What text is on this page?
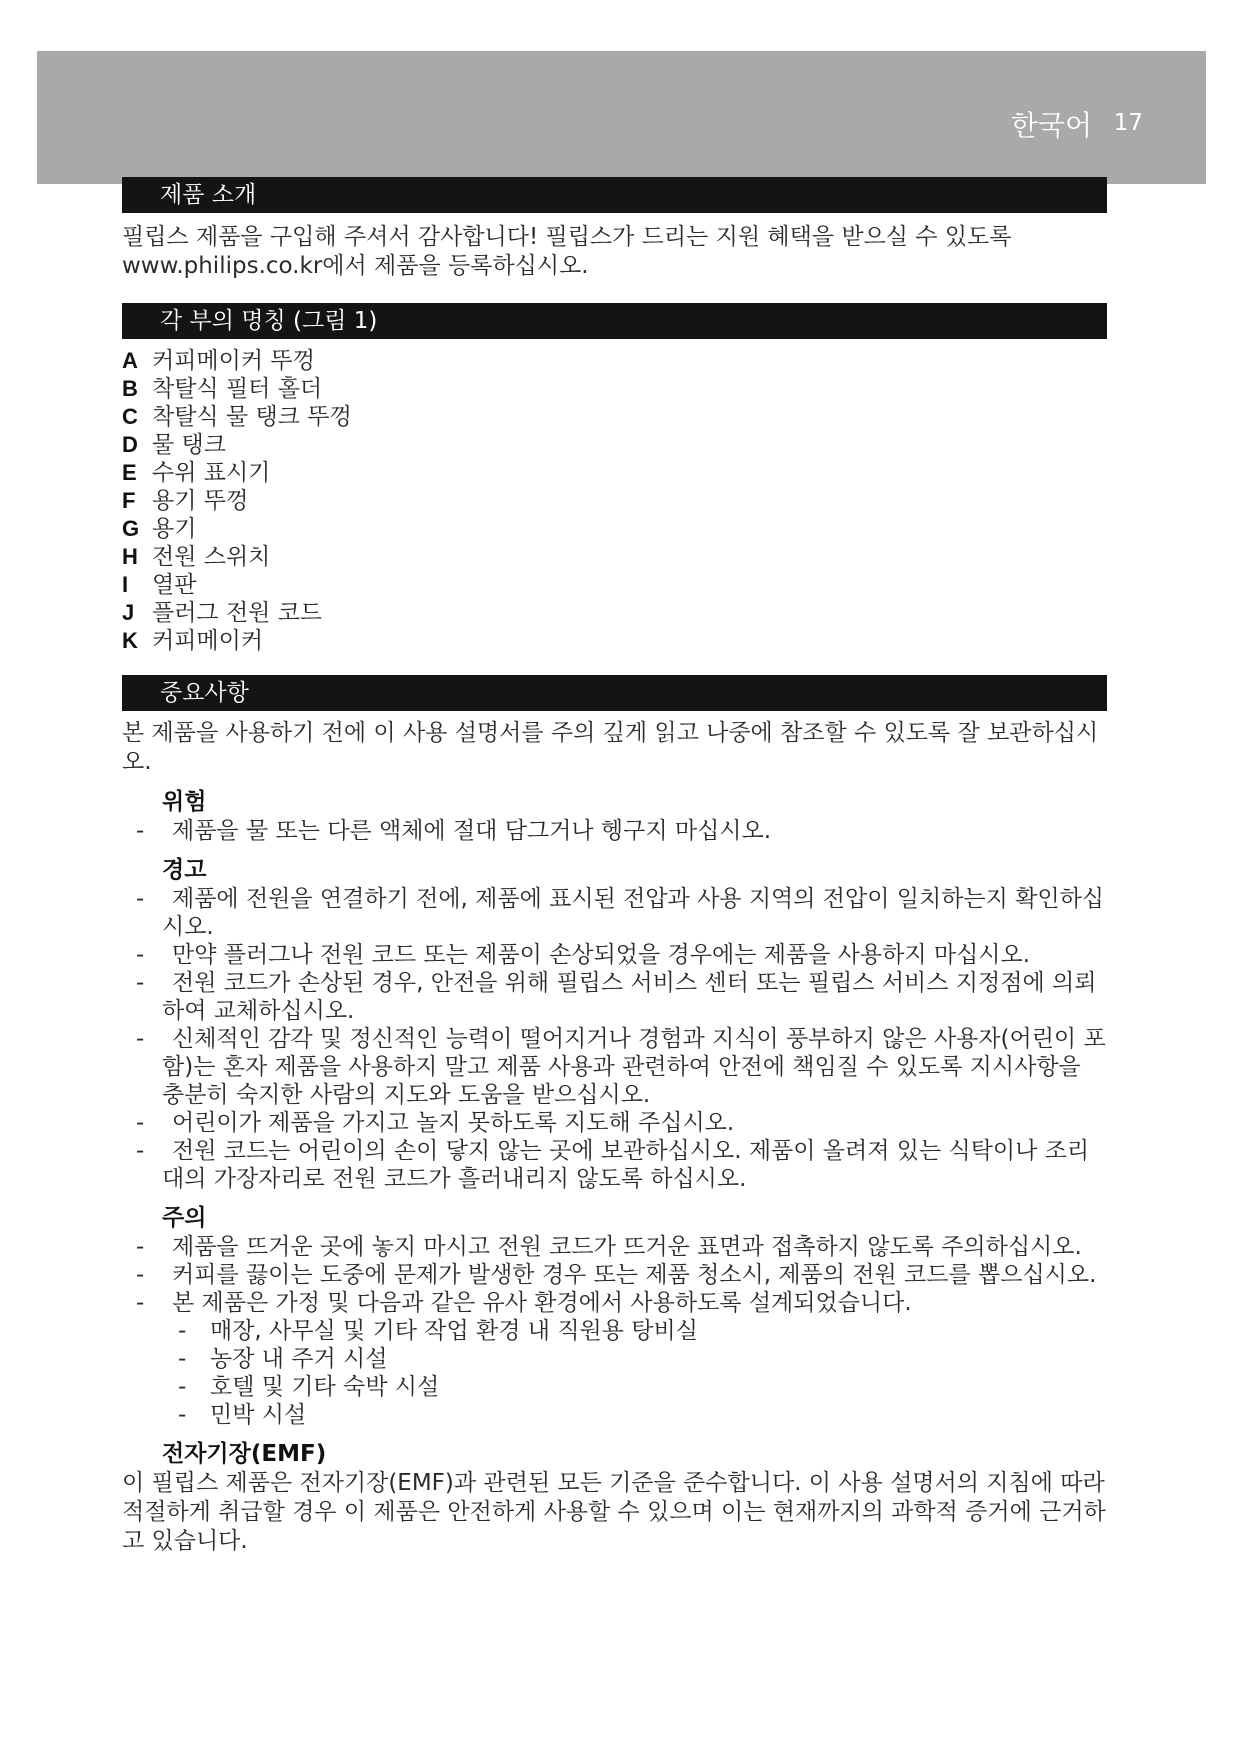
한국어 17
제품 소개
필립스 제품을 구입해 주셔서 감사합니다! 필립스가 드리는 지원 혜택을 받으실 수 있도록 www.philips.co.kr에서 제품을 등록하십시오.
각 부의 명칭 (그림 1)
A 커피메이커 뚜껑
B 착탈식 필터 홀더
C 착탈식 물 탱크 뚜껑
D 물 탱크
E 수위 표시기
F 용기 뚜껑
G 용기
H 전원 스위치
I 열판
J 플러그 전원 코드
K 커피메이커
중요사항
본 제품을 사용하기 전에 이 사용 설명서를 주의 깊게 읽고 나중에 참조할 수 있도록 잘 보관하십시오.
위험
-	제품을 물 또는 다른 액체에 절대 담그거나 헹구지 마십시오.
경고
-	제품에 전원을 연결하기 전에, 제품에 표시된 전압과 사용 지역의 전압이 일치하는지 확인하십시오.
-	만약 플러그나 전원 코드 또는 제품이 손상되었을 경우에는 제품을 사용하지 마십시오.
-	전원 코드가 손상된 경우, 안전을 위해 필립스 서비스 센터 또는 필립스 서비스 지정점에 의뢰하여 교체하십시오.
-	신체적인 감각 및 정신적인 능력이 떨어지거나 경험과 지식이 풍부하지 않은 사용자(어린이 포함)는 혼자 제품을 사용하지 말고 제품 사용과 관련하여 안전에 책임질 수 있도록 지시사항을 충분히 숙지한 사람의 지도와 도움을 받으십시오.
-	어린이가 제품을 가지고 놀지 못하도록 지도해 주십시오.
-	전원 코드는 어린이의 손이 닿지 않는 곳에 보관하십시오. 제품이 올려져 있는 식탁이나 조리대의 가장자리로 전원 코드가 흘러내리지 않도록 하십시오.
주의
-	제품을 뜨거운 곳에 놓지 마시고 전원 코드가 뜨거운 표면과 접촉하지 않도록 주의하십시오.
-	커피를 끓이는 도중에 문제가 발생한 경우 또는 제품 청소시, 제품의 전원 코드를 뽑으십시오.
-	본 제품은 가정 및 다음과 같은 유사 환경에서 사용하도록 설계되었습니다.
- 매장, 사무실 및 기타 작업 환경 내 직원용 탕비실
- 농장 내 주거 시설
- 호텔 및 기타 숙박 시설
- 민박 시설
전자기장(EMF)
이 필립스 제품은 전자기장(EMF)과 관련된 모든 기준을 준수합니다. 이 사용 설명서의 지침에 따라 적절하게 취급할 경우 이 제품은 안전하게 사용할 수 있으며 이는 현재까지의 과학적 증거에 근거하고 있습니다.
